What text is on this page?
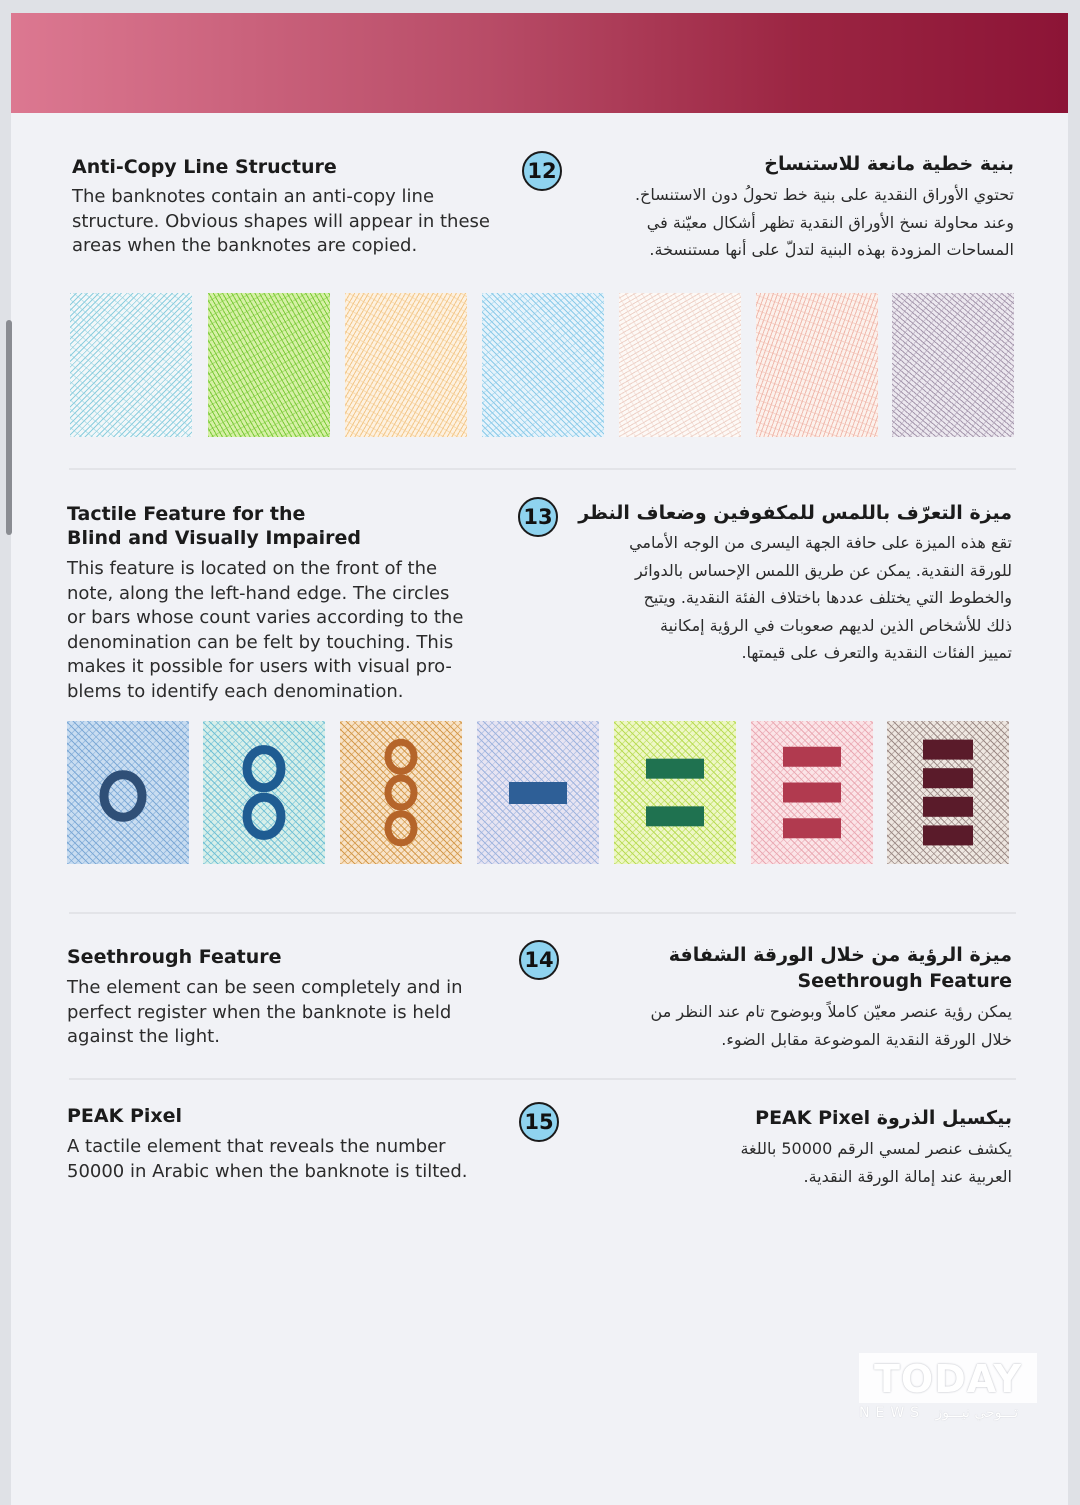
Anti-Copy Line Structure
The banknotes contain an anti-copy line
structure. Obvious shapes will appear in these
areas when the banknotes are copied.
12	بنية خطية مانعة للاستنساخ
تحتوي الأوراق النقدية على بنية خط تحولُ دون الاستنساخ.
وعند محاولة نسخ الأوراق النقدية تظهر أشكال معيّنة في
المساحات المزودة بهذه البنية لتدلّ على أنها مستنسخة.
Tactile Feature for the
Blind and Visually Impaired
This feature is located on the front of the
note, along the left-hand edge. The circles
or bars whose count varies according to the
denomination can be felt by touching. This
makes it possible for users with visual pro-
blems to identify each denomination.
13	ميزة التعرّف باللمس للمكفوفين وضعاف النظر
تقع هذه الميزة على حافة الجهة اليسرى من الوجه الأمامي
للورقة النقدية. يمكن عن طريق اللمس الإحساس بالدوائر
والخطوط التي يختلف عددها باختلاف الفئة النقدية. ويتيح
ذلك للأشخاص الذين لديهم صعوبات في الرؤية إمكانية
تمييز الفئات النقدية والتعرف على قيمتها.
Seethrough Feature
The element can be seen completely and in
perfect register when the banknote is held
against the light.
14	ميزة الرؤية من خلال الورقة الشفافة
Seethrough Feature
يمكن رؤية عنصر معيّن كاملاً وبوضوح تام عند النظر من
خلال الورقة النقدية الموضوعة مقابل الضوء.
PEAK Pixel
A tactile element that reveals the number
50000 in Arabic when the banknote is tilted.
15	بيكسيل الذروة PEAK Pixel
يكشف عنصر لمسي الرقم 50000 باللغة
العربية عند إمالة الورقة النقدية.
TODAY
NEWS تـــوحي نيـــوز
